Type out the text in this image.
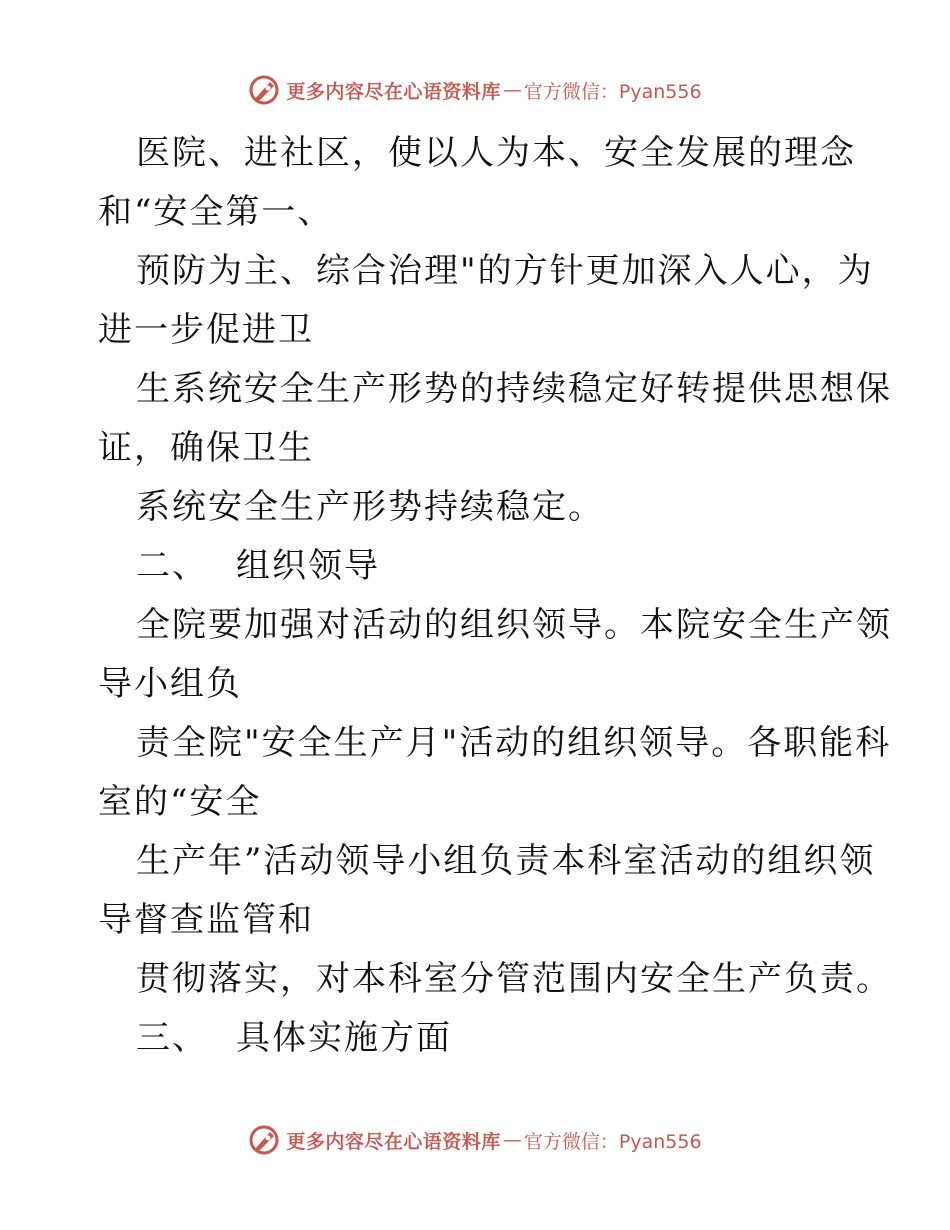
更多内容尽在心语资料库 — 官方微信：Pyan556
医院、进社区，使以人为本、安全发展的理念
和“安全第一、
预防为主、综合治理"的方针更加深入人心，为
进一步促进卫
生系统安全生产形势的持续稳定好转提供思想保
证，确保卫生
系统安全生产形势持续稳定。
二、 组织领导
全院要加强对活动的组织领导。本院安全生产领
导小组负
责全院"安全生产月"活动的组织领导。各职能科
室的“安全
生产年”活动领导小组负责本科室活动的组织领
导督查监管和
贯彻落实，对本科室分管范围内安全生产负责。
三、 具体实施方面
更多内容尽在心语资料库 — 官方微信：Pyan556
